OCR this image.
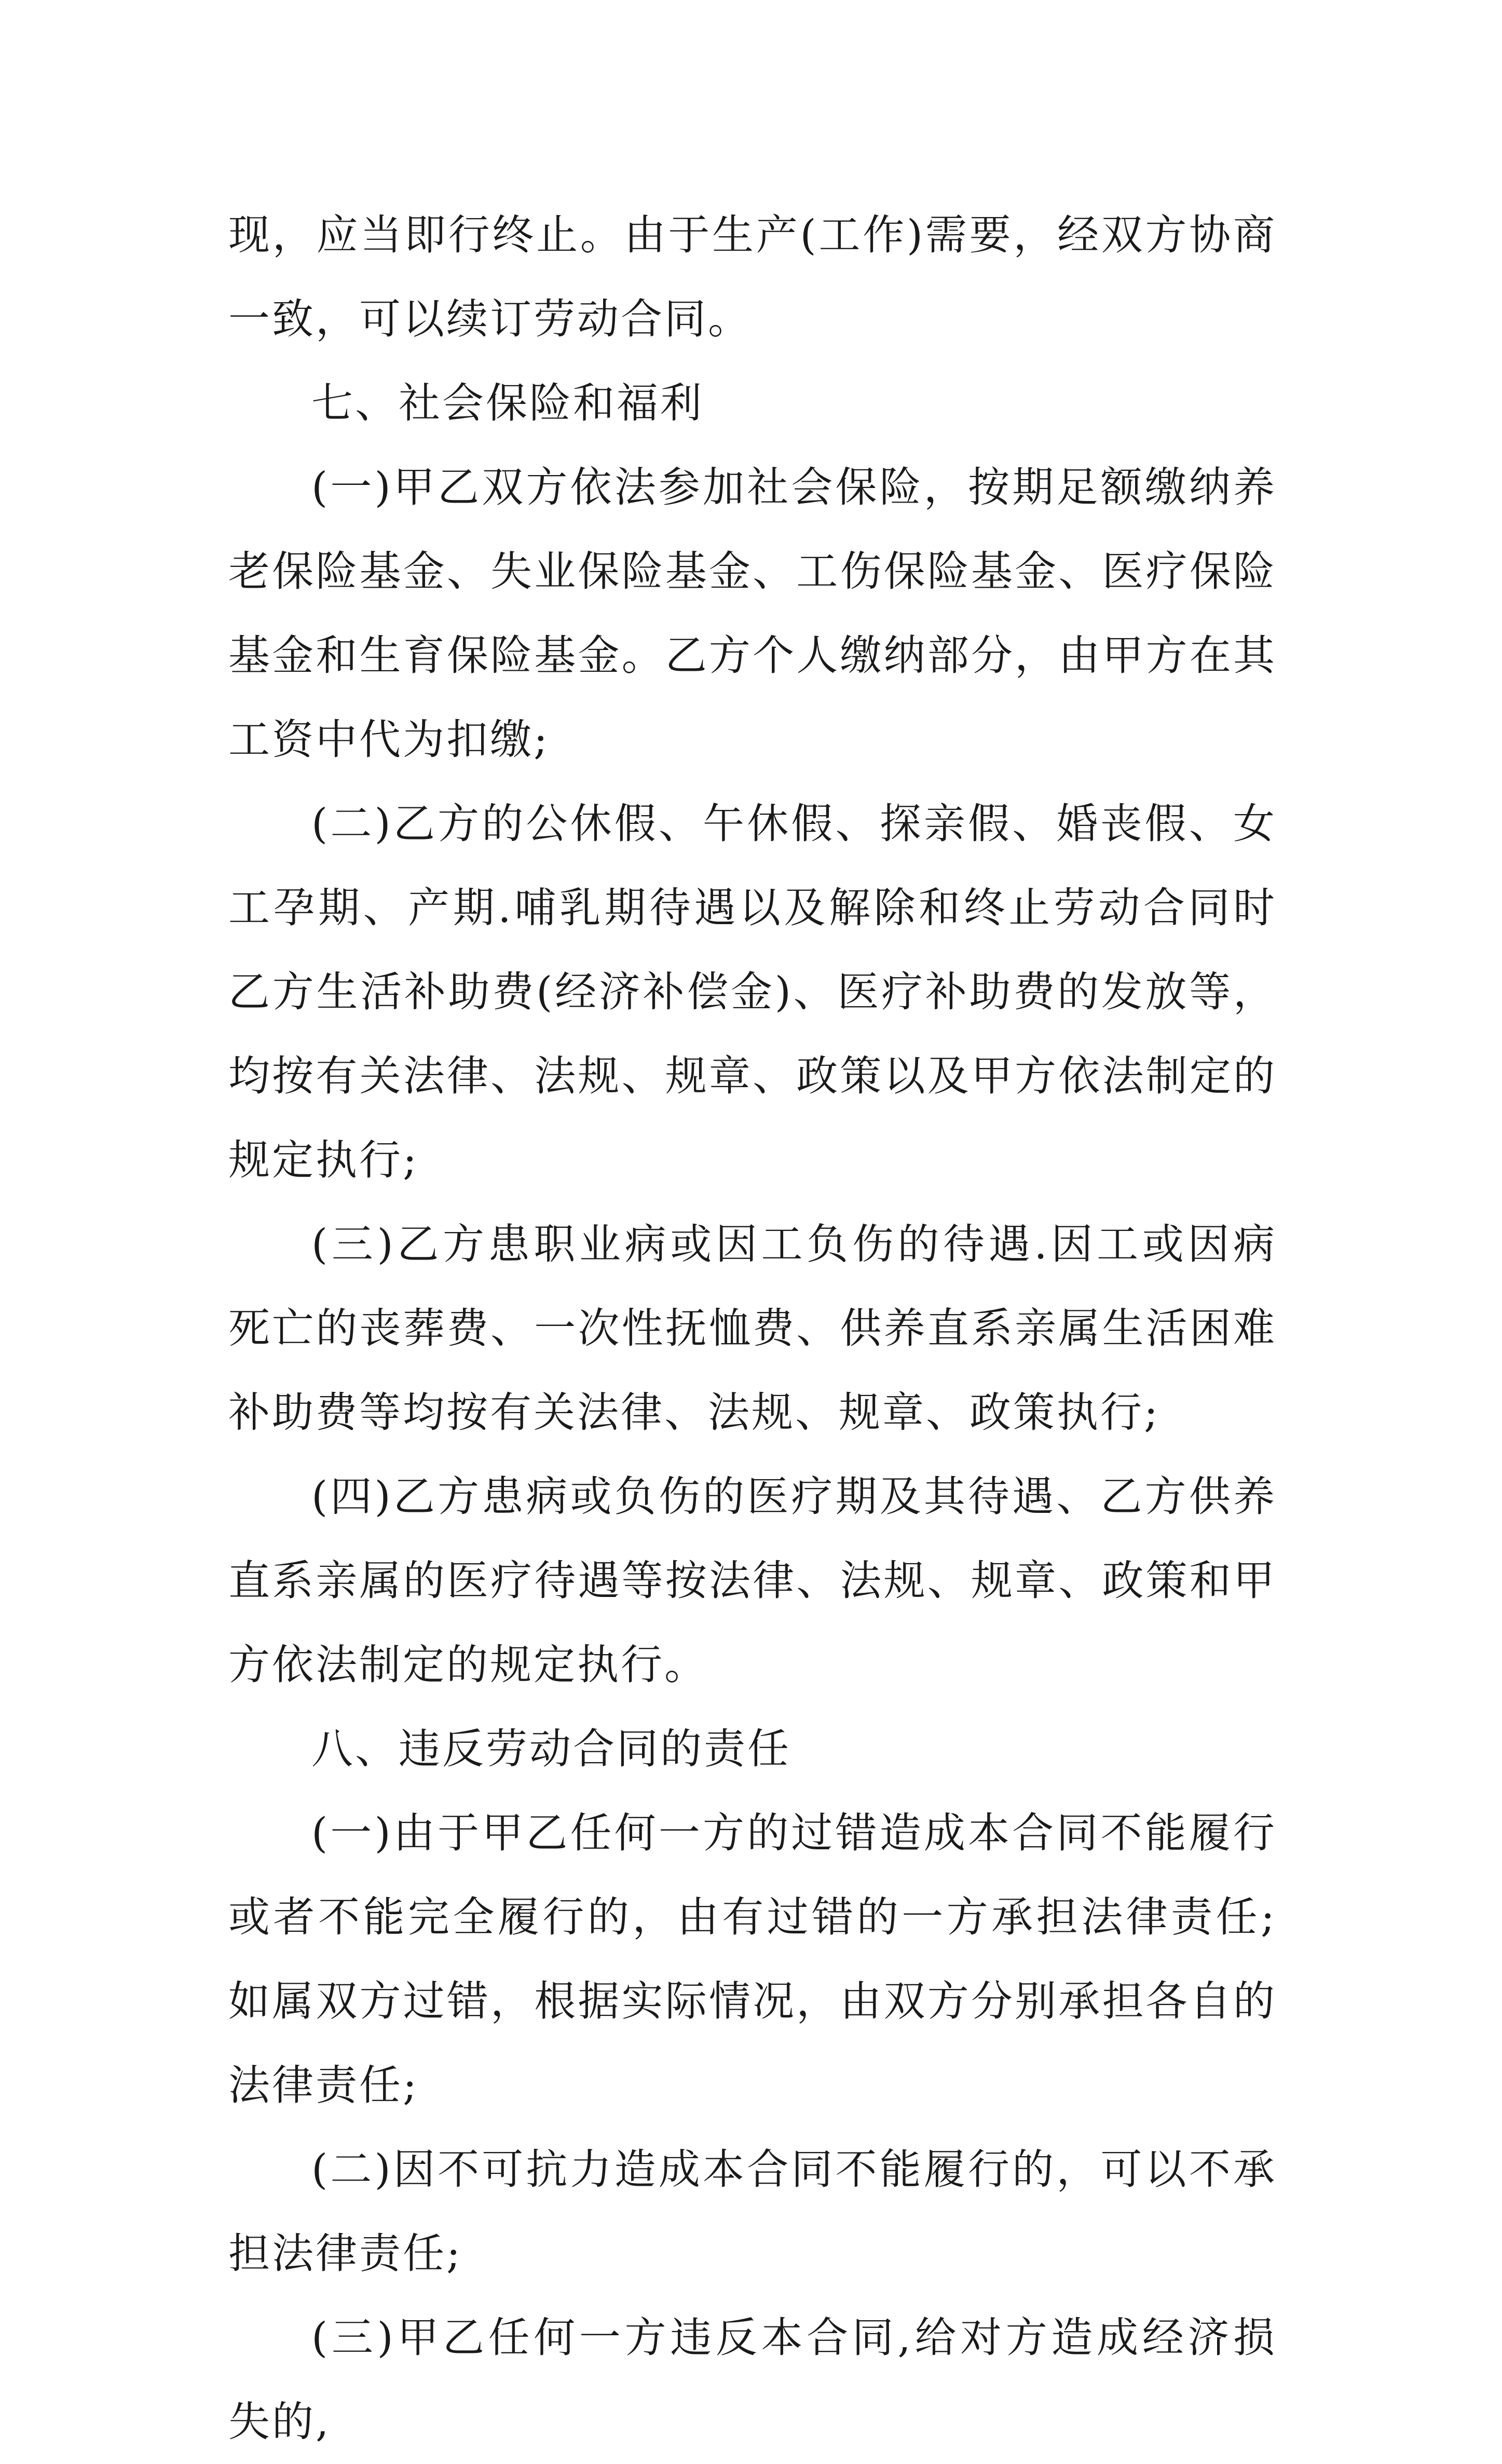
现，应当即行终止。由于生产(工作)需要，经双方协商一致，可以续订劳动合同。

七、社会保险和福利

(一)甲乙双方依法参加社会保险，按期足额缴纳养老保险基金、失业保险基金、工伤保险基金、医疗保险基金和生育保险基金。乙方个人缴纳部分，由甲方在其工资中代为扣缴;

(二)乙方的公休假、午休假、探亲假、婚丧假、女工孕期、产期.哺乳期待遇以及解除和终止劳动合同时乙方生活补助费(经济补偿金)、医疗补助费的发放等，均按有关法律、法规、规章、政策以及甲方依法制定的规定执行;

(三)乙方患职业病或因工负伤的待遇.因工或因病死亡的丧葬费、一次性抚恤费、供养直系亲属生活困难补助费等均按有关法律、法规、规章、政策执行;

(四)乙方患病或负伤的医疗期及其待遇、乙方供养直系亲属的医疗待遇等按法律、法规、规章、政策和甲方依法制定的规定执行。

八、违反劳动合同的责任

(一)由于甲乙任何一方的过错造成本合同不能履行或者不能完全履行的，由有过错的一方承担法律责任;如属双方过错，根据实际情况，由双方分别承担各自的法律责任;

(二)因不可抗力造成本合同不能履行的，可以不承担法律责任;

(三)甲乙任何一方违反本合同,给对方造成经济损失的,
